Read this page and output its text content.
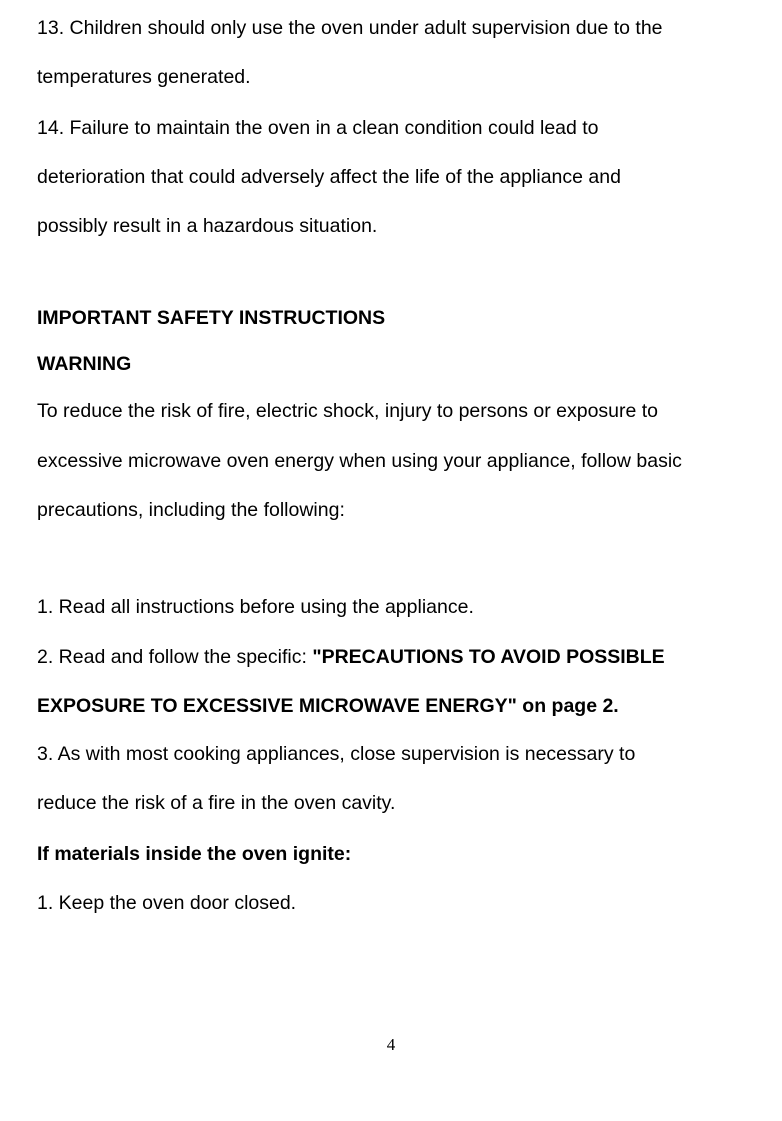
13. Children should only use the oven under adult supervision due to the
temperatures generated.
14. Failure to maintain the oven in a clean condition could lead to
deterioration that could adversely affect the life of the appliance and
possibly result in a hazardous situation.
IMPORTANT SAFETY INSTRUCTIONS
WARNING
To reduce the risk of fire, electric shock, injury to persons or exposure to
excessive microwave oven energy when using your appliance, follow basic
precautions, including the following:
1. Read all instructions before using the appliance.
2. Read and follow the specific: "PRECAUTIONS TO AVOID POSSIBLE
EXPOSURE TO EXCESSIVE MICROWAVE ENERGY" on page 2.
3. As with most cooking appliances, close supervision is necessary to
reduce the risk of a fire in the oven cavity.
If materials inside the oven ignite:
1. Keep the oven door closed.
4
